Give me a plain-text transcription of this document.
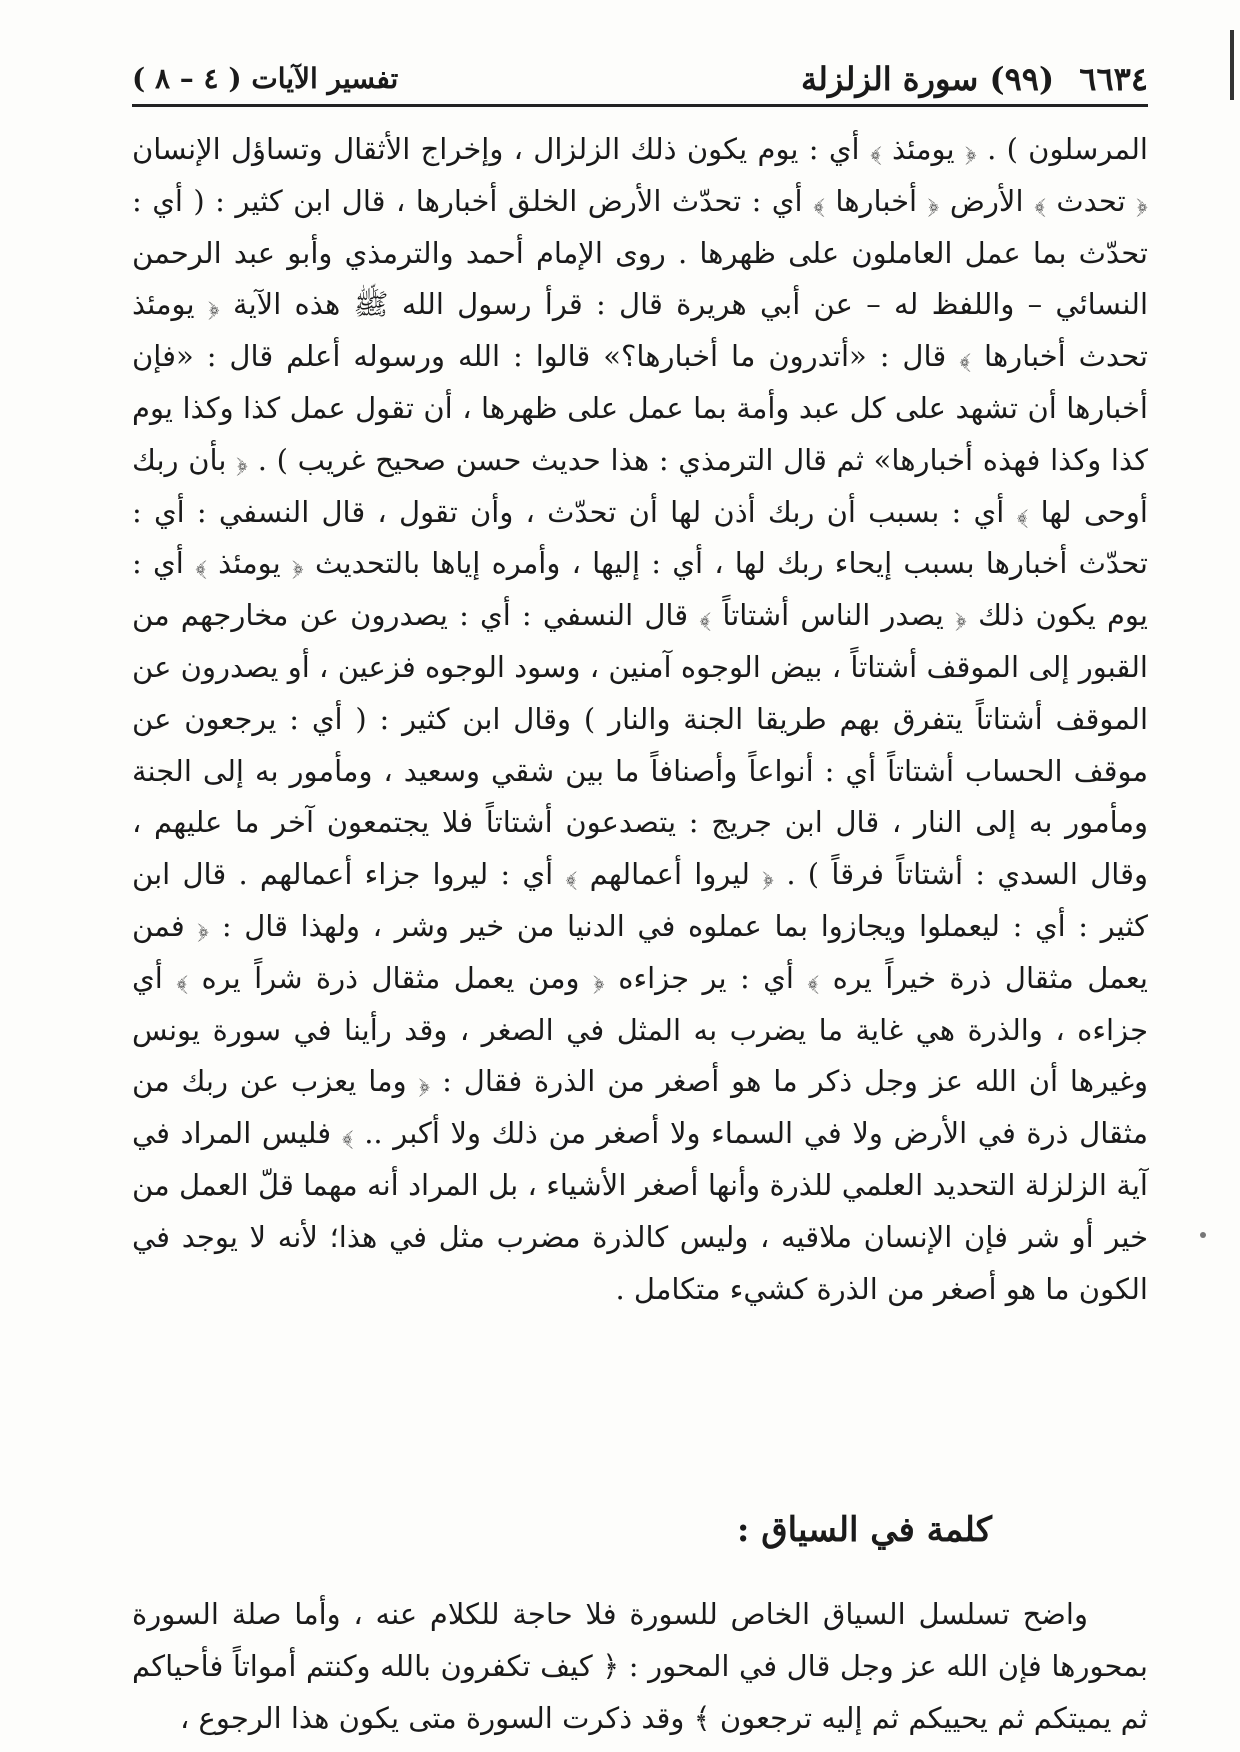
٦٦٣٤ (٩٩) سورة الزلزلة
تفسير الآيات ( ٤ – ٨ )

المرسلون ) . ﴿ يومئذ ﴾ أي : يوم يكون ذلك الزلزال ، وإخراج الأثقال وتساؤل الإنسان ﴿ تحدث ﴾ الأرض ﴿ أخبارها ﴾ أي : تحدّث الأرض الخلق أخبارها ، قال ابن كثير : ( أي : تحدّث بما عمل العاملون على ظهرها . روى الإمام أحمد والترمذي وأبو عبد الرحمن النسائي – واللفظ له – عن أبي هريرة قال : قرأ رسول الله ﷺ هذه الآية ﴿ يومئذ تحدث أخبارها ﴾ قال : «أتدرون ما أخبارها؟» قالوا : الله ورسوله أعلم قال : «فإن أخبارها أن تشهد على كل عبد وأمة بما عمل على ظهرها ، أن تقول عمل كذا وكذا يوم كذا وكذا فهذه أخبارها» ثم قال الترمذي : هذا حديث حسن صحيح غريب ) . ﴿ بأن ربك أوحى لها ﴾ أي : بسبب أن ربك أذن لها أن تحدّث ، وأن تقول ، قال النسفي : أي : تحدّث أخبارها بسبب إيحاء ربك لها ، أي : إليها ، وأمره إياها بالتحديث ﴿ يومئذ ﴾ أي : يوم يكون ذلك ﴿ يصدر الناس أشتاتاً ﴾ قال النسفي : أي : يصدرون عن مخارجهم من القبور إلى الموقف أشتاتاً ، بيض الوجوه آمنين ، وسود الوجوه فزعين ، أو يصدرون عن الموقف أشتاتاً يتفرق بهم طريقا الجنة والنار ) وقال ابن كثير : ( أي : يرجعون عن موقف الحساب أشتاتاً أي : أنواعاً وأصنافاً ما بين شقي وسعيد ، ومأمور به إلى الجنة ومأمور به إلى النار ، قال ابن جريج : يتصدعون أشتاتاً فلا يجتمعون آخر ما عليهم ، وقال السدي : أشتاتاً فرقاً ) . ﴿ ليروا أعمالهم ﴾ أي : ليروا جزاء أعمالهم . قال ابن كثير : أي : ليعملوا ويجازوا بما عملوه في الدنيا من خير وشر ، ولهذا قال : ﴿ فمن يعمل مثقال ذرة خيراً يره ﴾ أي : ير جزاءه ﴿ ومن يعمل مثقال ذرة شراً يره ﴾ أي جزاءه ، والذرة هي غاية ما يضرب به المثل في الصغر ، وقد رأينا في سورة يونس وغيرها أن الله عز وجل ذكر ما هو أصغر من الذرة فقال : ﴿ وما يعزب عن ربك من مثقال ذرة في الأرض ولا في السماء ولا أصغر من ذلك ولا أكبر .. ﴾ فليس المراد في آية الزلزلة التحديد العلمي للذرة وأنها أصغر الأشياء ، بل المراد أنه مهما قلّ العمل من خير أو شر فإن الإنسان ملاقيه ، وليس كالذرة مضرب مثل في هذا؛ لأنه لا يوجد في الكون ما هو أصغر من الذرة كشيء متكامل .

كلمة في السياق :
واضح تسلسل السياق الخاص للسورة فلا حاجة للكلام عنه ، وأما صلة السورة بمحورها فإن الله عز وجل قال في المحور : ﴿ كيف تكفرون بالله وكنتم أمواتاً فأحياكم ثم يميتكم ثم يحييكم ثم إليه ترجعون ﴾ وقد ذكرت السورة متى يكون هذا الرجوع ،
